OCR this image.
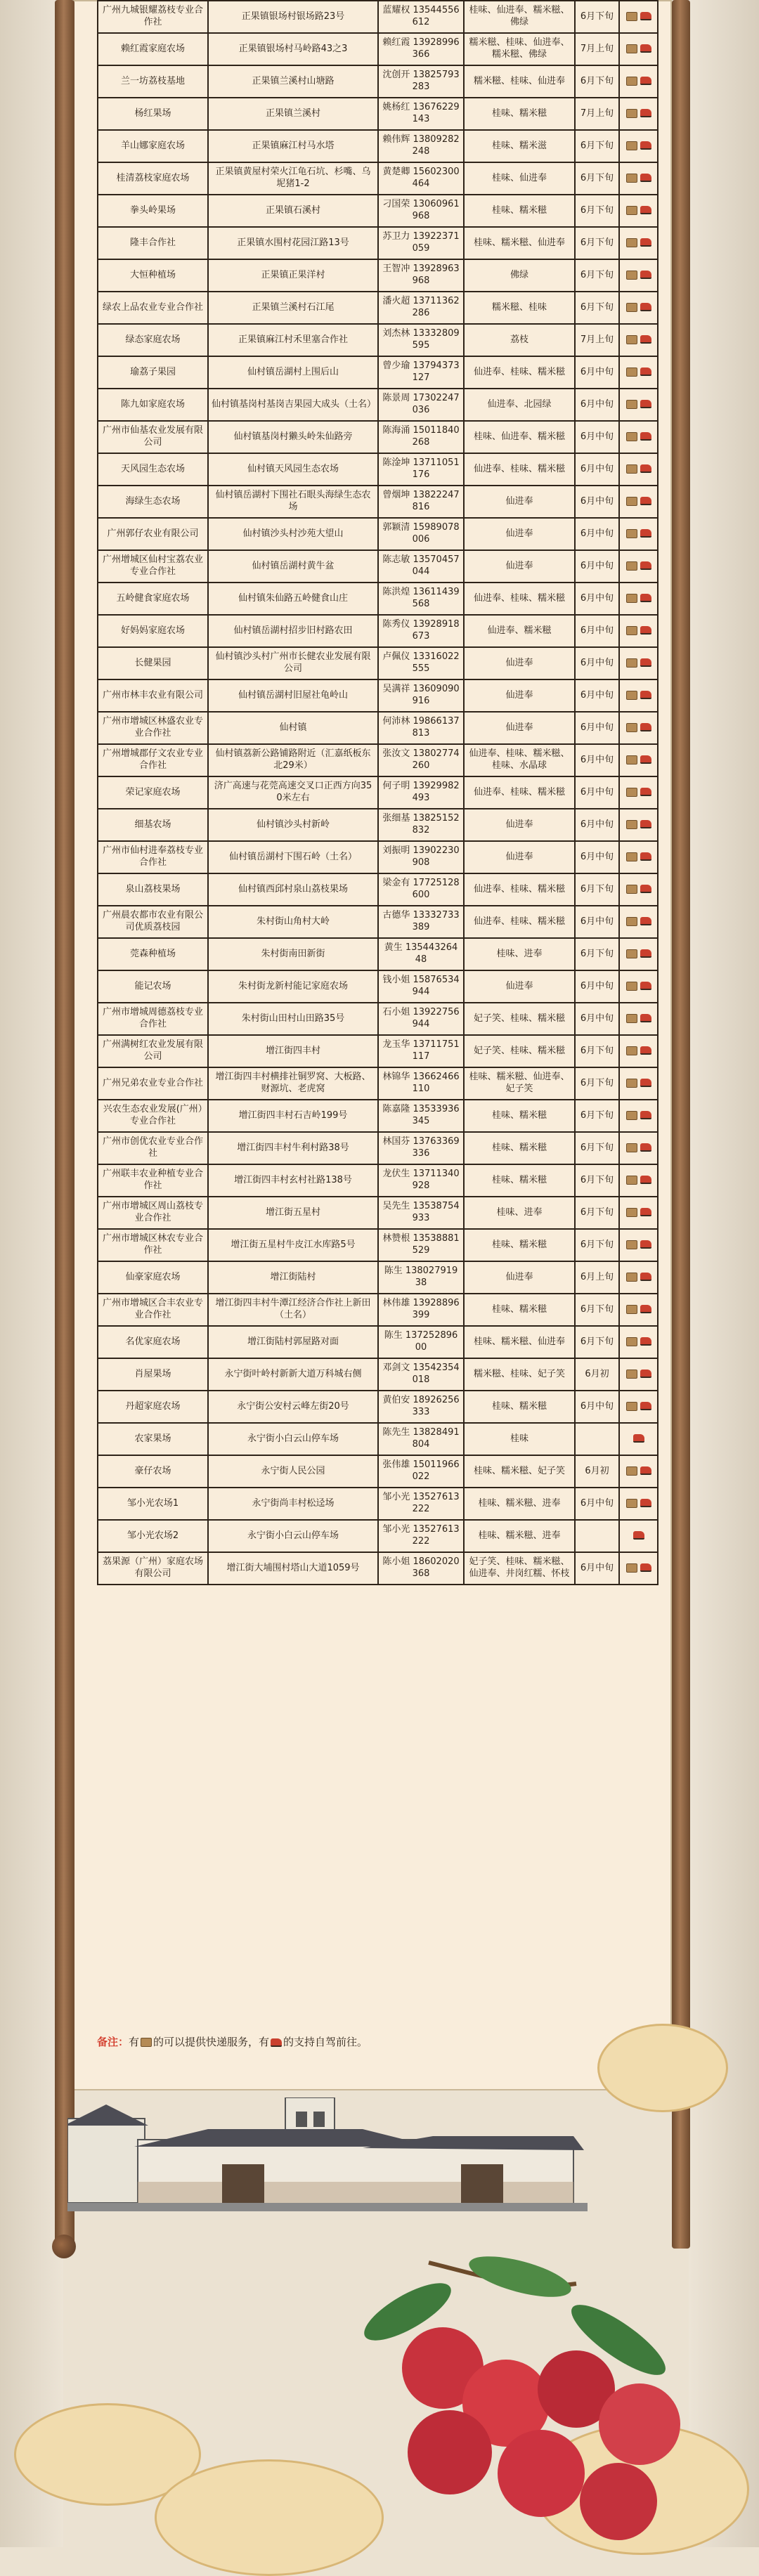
广州九城银耀荔枝专业合作社	正果镇银场村银场路23号	蓝耀权 13544556612	桂味、仙进奉、糯米糍、佛绿	6月下旬	
赖红霞家庭农场	正果镇银场村马岭路43之3	赖红霞 13928996366	糯米糍、桂味、仙进奉、糯米糍、佛绿	7月上旬	
兰一坊荔枝基地	正果镇兰溪村山塘路	沈创开 13825793283	糯米糍、桂味、仙进奉	6月下旬	
杨红果场	正果镇兰溪村	姚杨红 13676229143	桂味、糯米糍	7月上旬	
羊山娜家庭农场	正果镇麻江村马水塔	赖伟辉 13809282248	桂味、糯米滋	6月下旬	
桂清荔枝家庭农场	正果镇黄屋村荣火江龟石坑、杉嘴、乌坭猪1-2	黄楚卿 15602300464	桂味、仙进奉	6月下旬	
拳头岭果场	正果镇石溪村	刁国荣 13060961968	桂味、糯米糍	6月下旬	
隆丰合作社	正果镇水围村花园江路13号	苏卫力 13922371059	桂味、糯米糍、仙进奉	6月下旬	
大恒种植场	正果镇正果洋村	王智冲 13928963968	佛绿	6月下旬	
绿农上品农业专业合作社	正果镇兰溪村石江尾	潘火超 13711362286	糯米糍、桂味	6月下旬	
绿态家庭农场	正果镇麻江村禾里塞合作社	刘杰林 13332809595	荔枝	7月上旬	
瑜荔子果园	仙村镇岳湖村上围后山	曾少瑜 13794373127	仙进奉、桂味、糯米糍	6月中旬	
陈九如家庭农场	仙村镇基岗村基岗吉果园大成头（土名）	陈景周 17302247036	仙进奉、北园绿	6月中旬	
广州市仙基农业发展有限公司	仙村镇基岗村獭头岭朱仙路旁	陈海涌 15011840268	桂味、仙进奉、糯米糍	6月中旬	
天风园生态农场	仙村镇天风园生态农场	陈淦坤 13711051176	仙进奉、桂味、糯米糍	6月中旬	
海绿生态农场	仙村镇岳湖村下围社石眼头海绿生态农场	曾烟坤 13822247816	仙进奉	6月中旬	
广州郭仔农业有限公司	仙村镇沙头村沙苑大望山	郭颖清 15989078006	仙进奉	6月中旬	
广州增城区仙村宝荔农业专业合作社	仙村镇岳湖村黄牛盆	陈志敏 13570457044	仙进奉	6月中旬	
五岭健食家庭农场	仙村镇朱仙路五岭健食山庄	陈洪煌 13611439568	仙进奉、桂味、糯米糍	6月中旬	
好妈妈家庭农场	仙村镇岳湖村招步旧村路农田	陈秀仪 13928918673	仙进奉、糯米糍	6月中旬	
长健果园	仙村镇沙头村广州市长健农业发展有限公司	卢佩仪 13316022555	仙进奉	6月中旬	
广州市林丰农业有限公司	仙村镇岳湖村旧屋社龟岭山	吴满祥 13609090916	仙进奉	6月中旬	
广州市增城区林盛农业专业合作社	仙村镇	何沛林 19866137813	仙进奉	6月中旬	
广州增城郡仔文农业专业合作社	仙村镇荔新公路铺路附近（汇嘉纸板东北29米）	张汝文 13802774260	仙进奉、桂味、糯米糍、桂味、水晶球	6月中旬	
荣记家庭农场	济广高速与花莞高速交叉口正西方向350米左右	何子明 13929982493	仙进奉、桂味、糯米糍	6月中旬	
细基农场	仙村镇沙头村新岭	张细基 13825152832	仙进奉	6月中旬	
广州市仙村进奉荔枝专业合作社	仙村镇岳湖村下围石岭（土名）	刘振明 13902230908	仙进奉	6月中旬	
泉山荔枝果场	仙村镇西邱村泉山荔枝果场	梁金有 17725128600	仙进奉、桂味、糯米糍	6月下旬	
广州晨农都市农业有限公司优质荔枝园	朱村街山角村大岭	古德华 13332733389	仙进奉、桂味、糯米糍	6月中旬	
莞森种植场	朱村街南田新街	黄生 13544326448	桂味、进奉	6月下旬	
能记农场	朱村街龙新村能记家庭农场	钱小姐 15876534944	仙进奉	6月中旬	
广州市增城周德荔枝专业合作社	朱村街山田村山田路35号	石小姐 13922756944	妃子笑、桂味、糯米糍	6月中旬	
广州满树红农业发展有限公司	增江街四丰村	龙玉华 13711751117	妃子笑、桂味、糯米糍	6月下旬	
广州兄弟农业专业合作社	增江街四丰村横排社铜罗窝、大板路、财源坑、老虎窝	林锦华 13662466110	桂味、糯米糍、仙进奉、妃子笑	6月下旬	
兴农生态农业发展(广州）专业合作社	增江街四丰村石吉岭199号	陈嘉隆 13533936345	桂味、糯米糍	6月下旬	
广州市创优农业专业合作社	增江街四丰村牛利村路38号	林国芬 13763369336	桂味、糯米糍	6月下旬	
广州联丰农业种植专业合作社	增江街四丰村玄村社路138号	龙伏生 13711340928	桂味、糯米糍	6月下旬	
广州市增城区周山荔枝专业合作社	增江街五星村	吴先生 13538754933	桂味、进奉	6月下旬	
广州市增城区林农专业合作社	增江街五星村牛皮江水库路5号	林赞根 13538881529	桂味、糯米糍	6月下旬	
仙豪家庭农场	增江街陆村	陈生 13802791938	仙进奉	6月上旬	
广州市增城区合丰农业专业合作社	增江街四丰村牛潭江经济合作社上新田（土名）	林伟雄 13928896399	桂味、糯米糍	6月下旬	
名优家庭农场	增江街陆村郭屋路对面	陈生 13725289600	桂味、糯米糍、仙进奉	6月下旬	
肖屋果场	永宁街叶岭村新新大道万科城右侧	邓剑文 13542354018	糯米糍、桂味、妃子笑	6月初	
丹超家庭农场	永宁街公安村云峰左街20号	黄伯安 18926256333	桂味、糯米糍	6月中旬	
农家果场	永宁街小白云山停车场	陈先生 13828491804	桂味		
豪仔农场	永宁街人民公园	张伟雄 15011966022	桂味、糯米糍、妃子笑	6月初	
邹小光农场1	永宁街尚丰村松迳场	邹小光 13527613222	桂味、糯米糍、进奉	6月中旬	
邹小光农场2	永宁街小白云山停车场	邹小光 13527613222	桂味、糯米糍、进奉		
荔果源（广州）家庭农场有限公司	增江街大埔围村塔山大道1059号	陈小姐 18602020368	妃子笑、桂味、糯米糍、仙进奉、井岗红糯、怀枝	6月中旬	
备注：有 的可以提供快递服务，有 的支持自驾前往。
